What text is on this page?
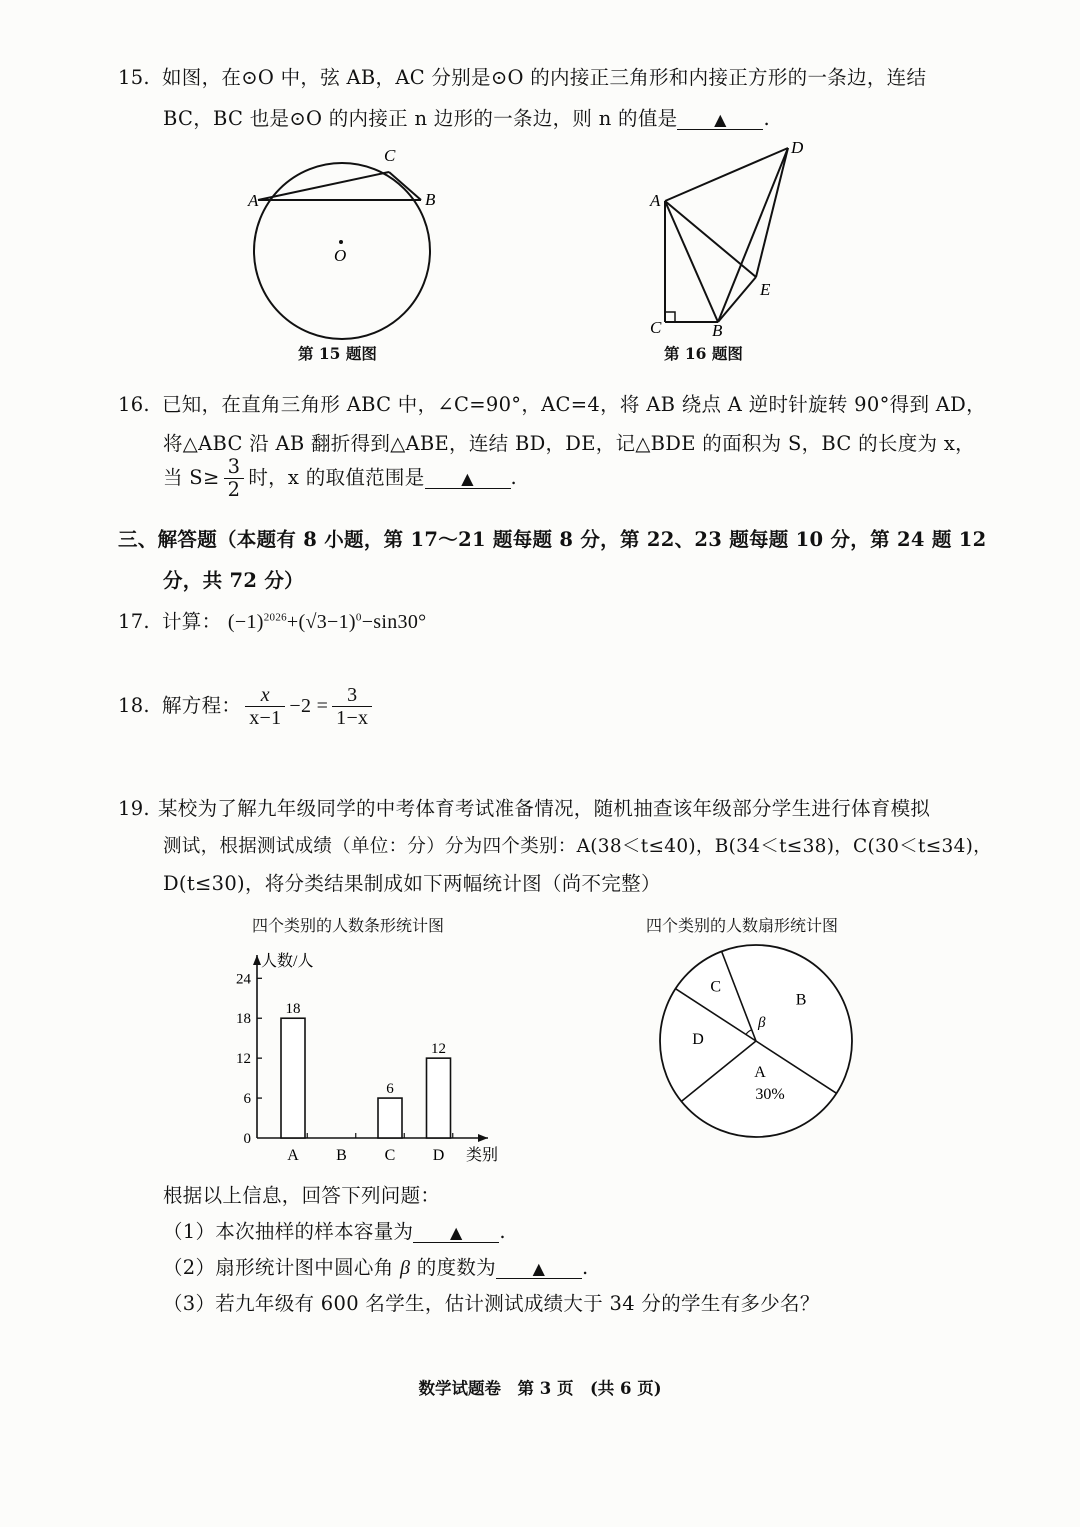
15. 如图，在⊙O 中，弦 AB，AC 分别是⊙O 的内接正三角形和内接正方形的一条边，连结
BC，BC 也是⊙O 的内接正 n 边形的一条边，则 n 的值是 ▲ .
C
A	B
O
第 15 题图
D
A
E
C	B
第 16 题图
16. 已知，在直角三角形 ABC 中，∠C=90°，AC=4，将 AB 绕点 A 逆时针旋转 90°得到 AD，
将△ABC 沿 AB 翻折得到△ABE，连结 BD，DE，记△BDE 的面积为 S，BC 的长度为 x，
当 $S\ge \frac{3}{2}$ 时，x 的取值范围是 ▲ .
三、解答题（本题有 8 小题，第 17～21 题每题 8 分，第 22、23 题每题 10 分，第 24 题 12
分，共 72 分）
17. 计算： $(-1)^{2026}+(√3-1)^0-\sin 30^\circ$
18. 解方程： $\frac{x}{x-1} -2 = \frac{3}{1-x}$
19. 某校为了解九年级同学的中考体育考试准备情况，随机抽查该年级部分学生进行体育模拟
测试，根据测试成绩（单位：分）分为四个类别：A(38＜t≤40)，B(34＜t≤38)，C(30＜t≤34)，
D(t≤30)，将分类结果制成如下两幅统计图（尚不完整）
四个类别的人数条形统计图	四个类别的人数扇形统计图
人数/人
类别
0
6
12
18
24
18
A B
6
C
12
D
B
A
30%
D
C
β
根据以上信息，回答下列问题：
（1）本次抽样的样本容量为 ▲ .
（2）扇形统计图中圆心角 β 的度数为 ▲ .
（3）若九年级有 600 名学生，估计测试成绩大于 34 分的学生有多少名？
数学试题卷　第 3 页　(共 6 页)
